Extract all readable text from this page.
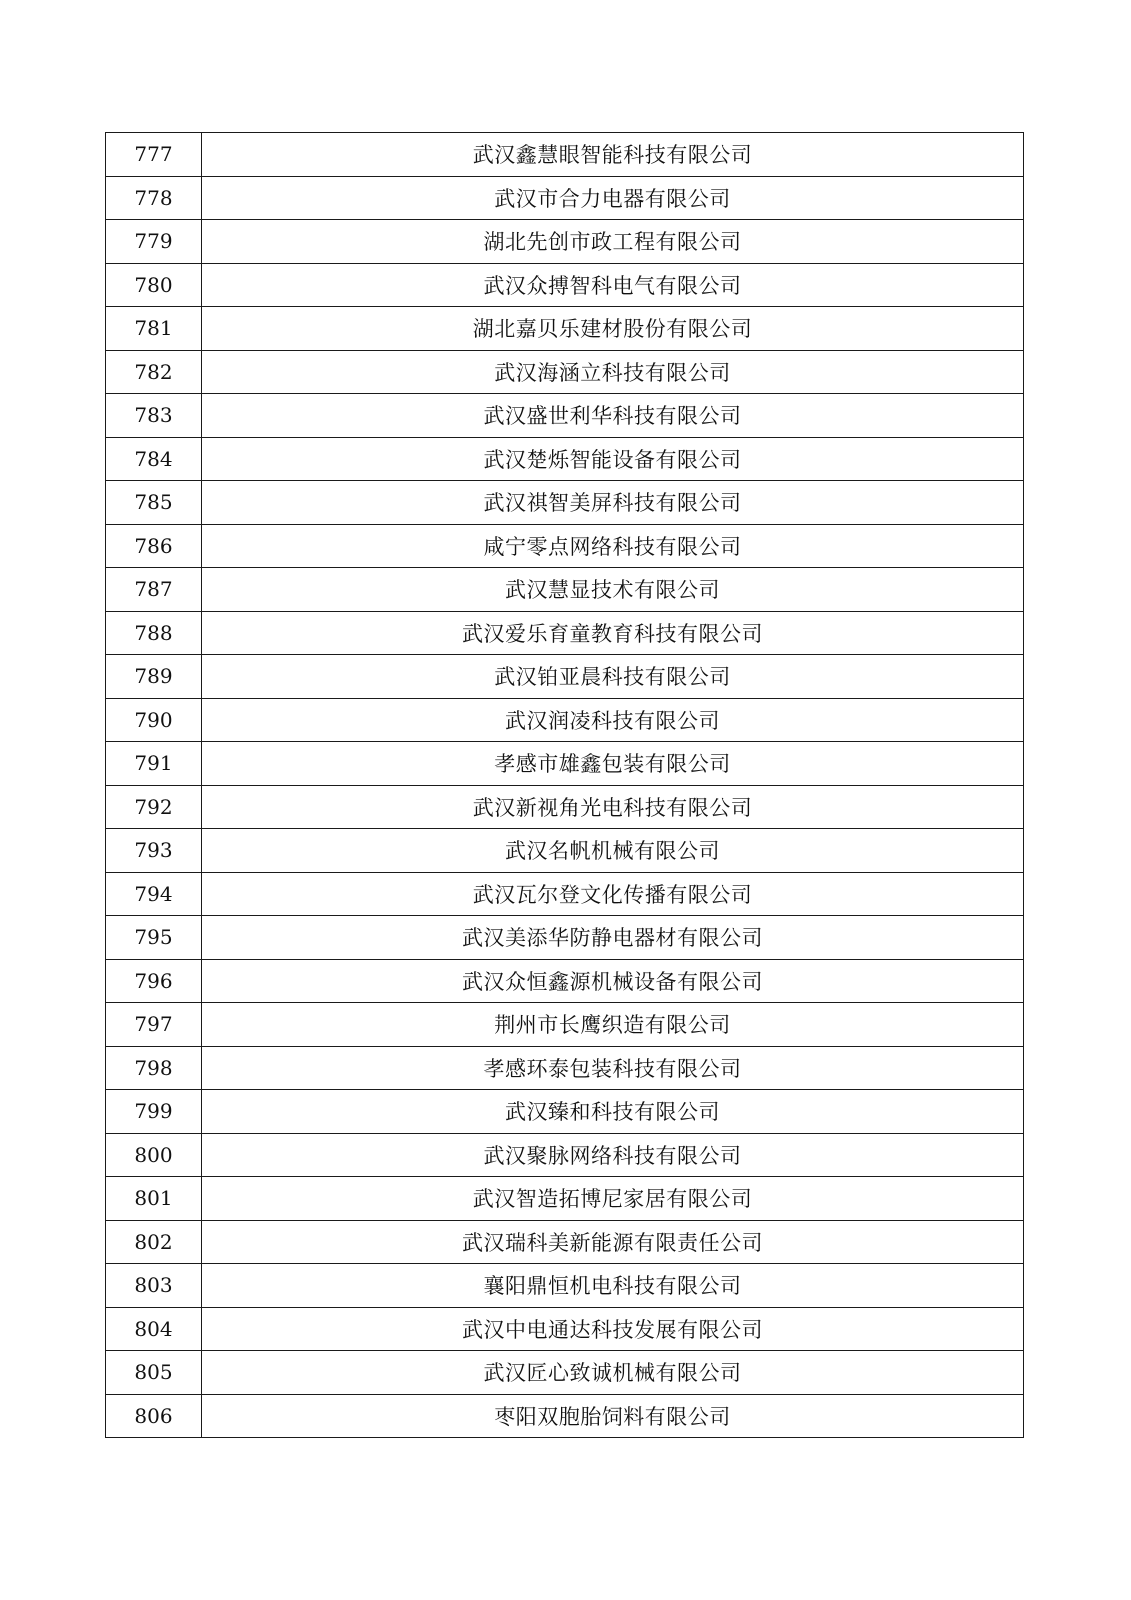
777	武汉鑫慧眼智能科技有限公司
778	武汉市合力电器有限公司
779	湖北先创市政工程有限公司
780	武汉众搏智科电气有限公司
781	湖北嘉贝乐建材股份有限公司
782	武汉海涵立科技有限公司
783	武汉盛世利华科技有限公司
784	武汉楚烁智能设备有限公司
785	武汉祺智美屏科技有限公司
786	咸宁零点网络科技有限公司
787	武汉慧显技术有限公司
788	武汉爱乐育童教育科技有限公司
789	武汉铂亚晨科技有限公司
790	武汉润凌科技有限公司
791	孝感市雄鑫包装有限公司
792	武汉新视角光电科技有限公司
793	武汉名帆机械有限公司
794	武汉瓦尔登文化传播有限公司
795	武汉美添华防静电器材有限公司
796	武汉众恒鑫源机械设备有限公司
797	荆州市长鹰织造有限公司
798	孝感环泰包装科技有限公司
799	武汉臻和科技有限公司
800	武汉聚脉网络科技有限公司
801	武汉智造拓博尼家居有限公司
802	武汉瑞科美新能源有限责任公司
803	襄阳鼎恒机电科技有限公司
804	武汉中电通达科技发展有限公司
805	武汉匠心致诚机械有限公司
806	枣阳双胞胎饲料有限公司
